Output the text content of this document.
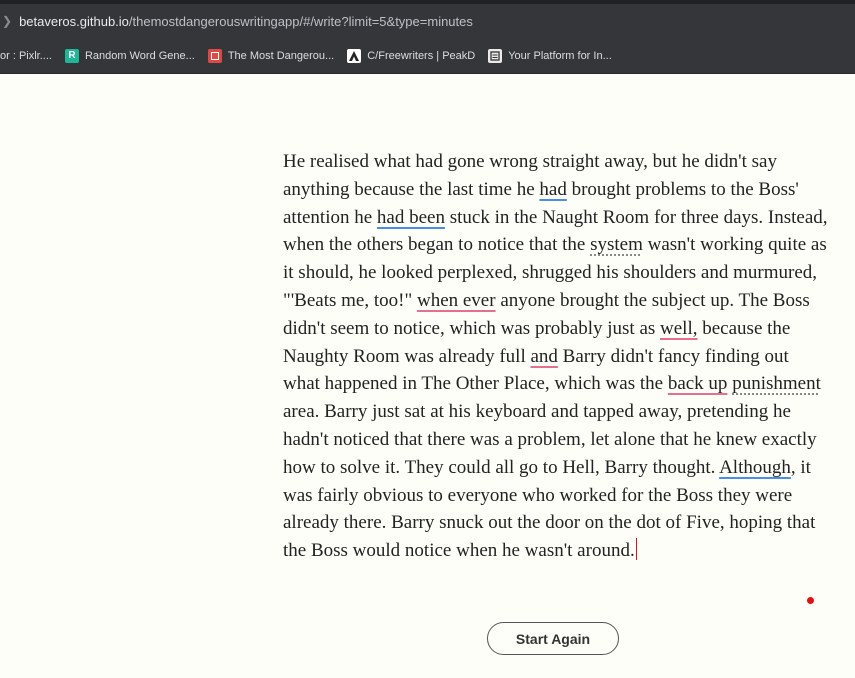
❯ betaveros.github.io/themostdangerouswritingapp/#/write?limit=5&type=minutes
or : Pixlr....	R Random Word Gene...	The Most Dangerou...	C/Freewriters | PeakD	Your Platform for In...
He realised what had gone wrong straight away, but he didn't say anything because the last time he had brought problems to the Boss' attention he had been stuck in the Naught Room for three days. Instead, when the others began to notice that the system wasn't working quite as it should, he looked perplexed, shrugged his shoulders and murmured, "'Beats me, too!" when ever anyone brought the subject up. The Boss didn't seem to notice, which was probably just as well, because the Naughty Room was already full and Barry didn't fancy finding out what happened in The Other Place, which was the back up punishment area. Barry just sat at his keyboard and tapped away, pretending he hadn't noticed that there was a problem, let alone that he knew exactly how to solve it. They could all go to Hell, Barry thought. Although, it was fairly obvious to everyone who worked for the Boss they were already there. Barry snuck out the door on the dot of Five, hoping that the Boss would notice when he wasn't around.
Start Again
